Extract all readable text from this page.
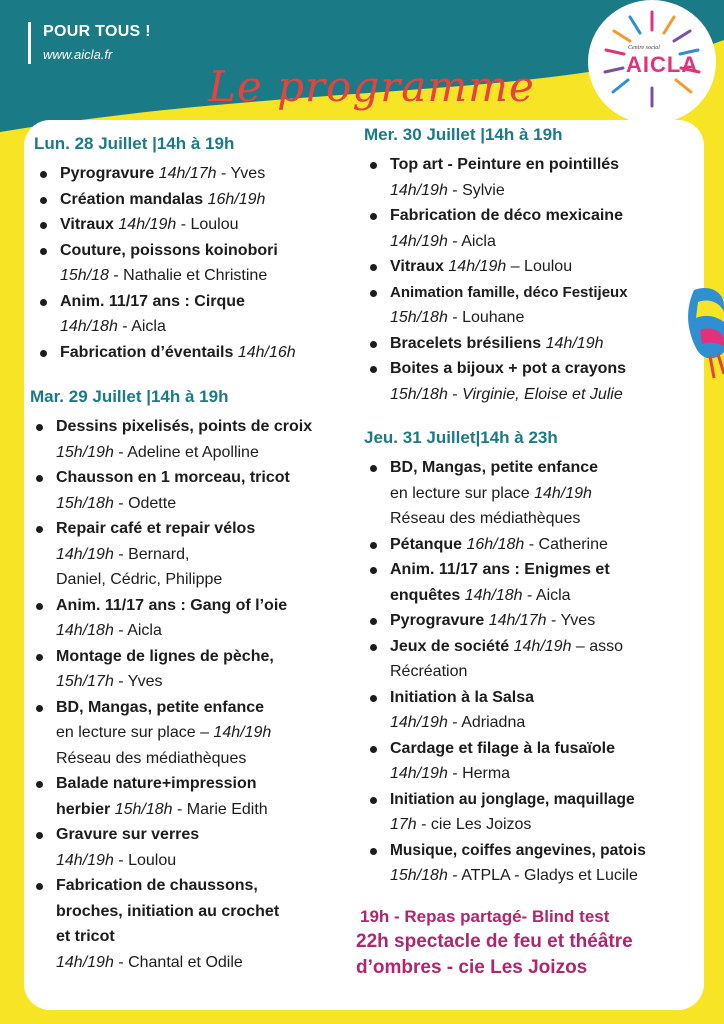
POUR TOUS !
www.aicla.fr	Centre social
AICLA
Le programme
Lun. 28 Juillet |14h à 19h
Pyrogravure 14h/17h - Yves
Création mandalas 16h/19h
Vitraux 14h/19h - Loulou
Couture, poissons koinobori
15h/18 - Nathalie et Christine
Anim. 11/17 ans : Cirque
14h/18h - Aicla
Fabrication d’éventails 14h/16h
Mar. 29 Juillet |14h à 19h
Dessins pixelisés, points de croix
15h/19h - Adeline et Apolline
Chausson en 1 morceau, tricot
15h/18h - Odette
Repair café et repair vélos
14h/19h - Bernard,
Daniel, Cédric, Philippe
Anim. 11/17 ans : Gang of l’oie
14h/18h - Aicla
Montage de lignes de pèche,
15h/17h - Yves
BD, Mangas, petite enfance
en lecture sur place – 14h/19h
Réseau des médiathèques
Balade nature+impression
herbier 15h/18h - Marie Edith
Gravure sur verres
14h/19h - Loulou
Fabrication de chaussons,
broches, initiation au crochet
et tricot
14h/19h - Chantal et Odile
Mer. 30 Juillet |14h à 19h
Top art - Peinture en pointillés
14h/19h - Sylvie
Fabrication de déco mexicaine
14h/19h - Aicla
Vitraux 14h/19h – Loulou
Animation famille, déco Festijeux
15h/18h - Louhane
Bracelets brésiliens 14h/19h
Boites a bijoux + pot a crayons
15h/18h - Virginie, Eloise et Julie
Jeu. 31 Juillet|14h à 23h
BD, Mangas, petite enfance
en lecture sur place 14h/19h
Réseau des médiathèques
Pétanque 16h/18h - Catherine
Anim. 11/17 ans : Enigmes et
enquêtes 14h/18h - Aicla
Pyrogravure 14h/17h - Yves
Jeux de société 14h/19h – asso
Récréation
Initiation à la Salsa
14h/19h - Adriadna
Cardage et filage à la fusaïole
14h/19h - Herma
Initiation au jonglage, maquillage
17h - cie Les Joizos
Musique, coiffes angevines, patois
15h/18h - ATPLA - Gladys et Lucile
19h - Repas partagé- Blind test
22h spectacle de feu et théâtre
d’ombres - cie Les Joizos
